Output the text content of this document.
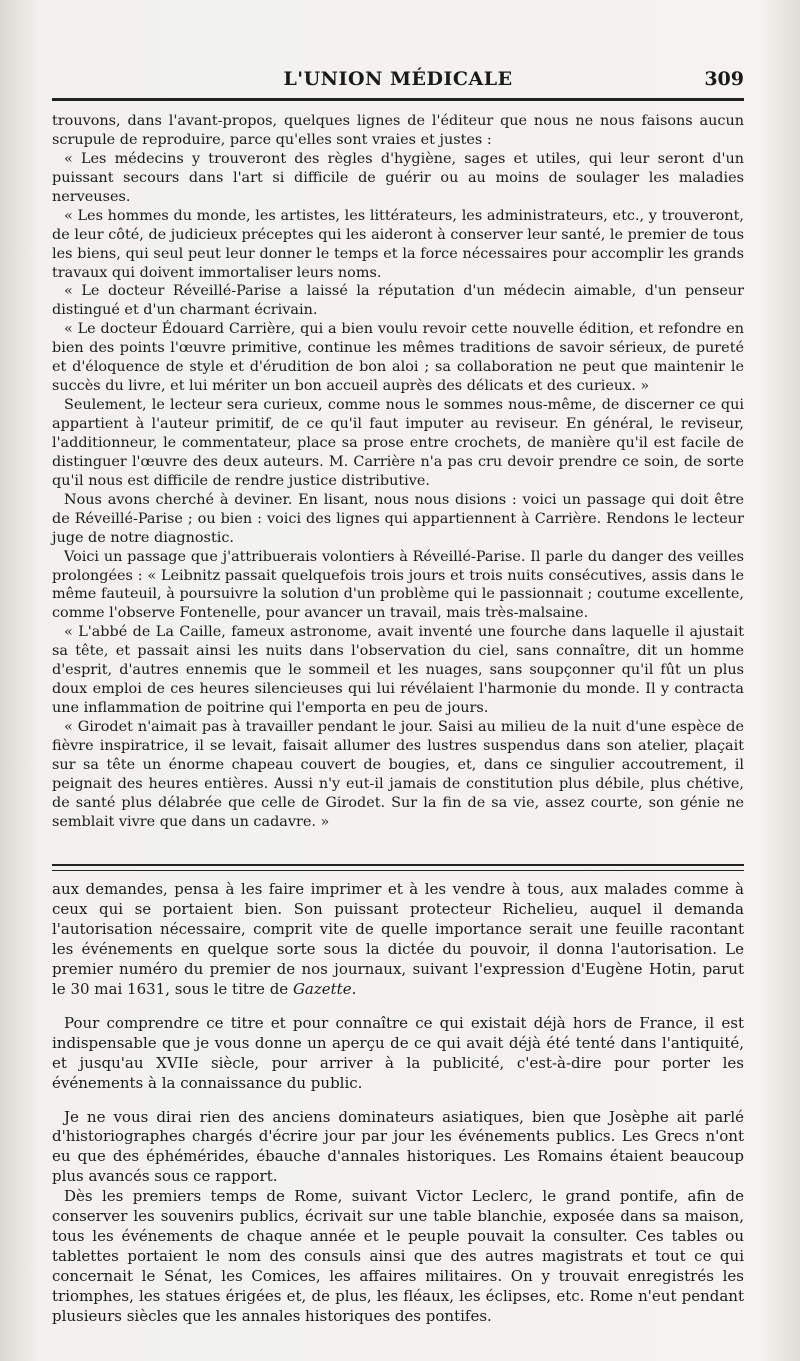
L'UNION MÉDICALE	309

trouvons, dans l'avant-propos, quelques lignes de l'éditeur que nous ne nous faisons aucun scrupule de reproduire, parce qu'elles sont vraies et justes :

« Les médecins y trouveront des règles d'hygiène, sages et utiles, qui leur seront d'un puissant secours dans l'art si difficile de guérir ou au moins de soulager les maladies nerveuses.

« Les hommes du monde, les artistes, les littérateurs, les administrateurs, etc., y trouveront, de leur côté, de judicieux préceptes qui les aideront à conserver leur santé, le premier de tous les biens, qui seul peut leur donner le temps et la force nécessaires pour accomplir les grands travaux qui doivent immortaliser leurs noms.

« Le docteur Réveillé-Parise a laissé la réputation d'un médecin aimable, d'un penseur distingué et d'un charmant écrivain.

« Le docteur Édouard Carrière, qui a bien voulu revoir cette nouvelle édition, et refondre en bien des points l'œuvre primitive, continue les mêmes traditions de savoir sérieux, de pureté et d'éloquence de style et d'érudition de bon aloi ; sa collaboration ne peut que maintenir le succès du livre, et lui mériter un bon accueil auprès des délicats et des curieux. »

Seulement, le lecteur sera curieux, comme nous le sommes nous-même, de discerner ce qui appartient à l'auteur primitif, de ce qu'il faut imputer au reviseur. En général, le reviseur, l'additionneur, le commentateur, place sa prose entre crochets, de manière qu'il est facile de distinguer l'œuvre des deux auteurs. M. Carrière n'a pas cru devoir prendre ce soin, de sorte qu'il nous est difficile de rendre justice distributive.

Nous avons cherché à deviner. En lisant, nous nous disions : voici un passage qui doit être de Réveillé-Parise ; ou bien : voici des lignes qui appartiennent à Carrière. Rendons le lecteur juge de notre diagnostic.

Voici un passage que j'attribuerais volontiers à Réveillé-Parise. Il parle du danger des veilles prolongées : « Leibnitz passait quelquefois trois jours et trois nuits consécutives, assis dans le même fauteuil, à poursuivre la solution d'un problème qui le passionnait ; coutume excellente, comme l'observe Fontenelle, pour avancer un travail, mais très-malsaine.

« L'abbé de La Caille, fameux astronome, avait inventé une fourche dans laquelle il ajustait sa tête, et passait ainsi les nuits dans l'observation du ciel, sans connaître, dit un homme d'esprit, d'autres ennemis que le sommeil et les nuages, sans soupçonner qu'il fût un plus doux emploi de ces heures silencieuses qui lui révélaient l'harmonie du monde. Il y contracta une inflammation de poitrine qui l'emporta en peu de jours.

« Girodet n'aimait pas à travailler pendant le jour. Saisi au milieu de la nuit d'une espèce de fièvre inspiratrice, il se levait, faisait allumer des lustres suspendus dans son atelier, plaçait sur sa tête un énorme chapeau couvert de bougies, et, dans ce singulier accoutrement, il peignait des heures entières. Aussi n'y eut-il jamais de constitution plus débile, plus chétive, de santé plus délabrée que celle de Girodet. Sur la fin de sa vie, assez courte, son génie ne semblait vivre que dans un cadavre. »

aux demandes, pensa à les faire imprimer et à les vendre à tous, aux malades comme à ceux qui se portaient bien. Son puissant protecteur Richelieu, auquel il demanda l'autorisation nécessaire, comprit vite de quelle importance serait une feuille racontant les événements en quelque sorte sous la dictée du pouvoir, il donna l'autorisation. Le premier numéro du premier de nos journaux, suivant l'expression d'Eugène Hotin, parut le 30 mai 1631, sous le titre de Gazette.

Pour comprendre ce titre et pour connaître ce qui existait déjà hors de France, il est indispensable que je vous donne un aperçu de ce qui avait déjà été tenté dans l'antiquité, et jusqu'au XVIIe siècle, pour arriver à la publicité, c'est-à-dire pour porter les événements à la connaissance du public.

Je ne vous dirai rien des anciens dominateurs asiatiques, bien que Josèphe ait parlé d'historiographes chargés d'écrire jour par jour les événements publics. Les Grecs n'ont eu que des éphémérides, ébauche d'annales historiques. Les Romains étaient beaucoup plus avancés sous ce rapport.

Dès les premiers temps de Rome, suivant Victor Leclerc, le grand pontife, afin de conserver les souvenirs publics, écrivait sur une table blanchie, exposée dans sa maison, tous les événements de chaque année et le peuple pouvait la consulter. Ces tables ou tablettes portaient le nom des consuls ainsi que des autres magistrats et tout ce qui concernait le Sénat, les Comices, les affaires militaires. On y trouvait enregistrés les triomphes, les statues érigées et, de plus, les fléaux, les éclipses, etc. Rome n'eut pendant plusieurs siècles que les annales historiques des pontifes.
